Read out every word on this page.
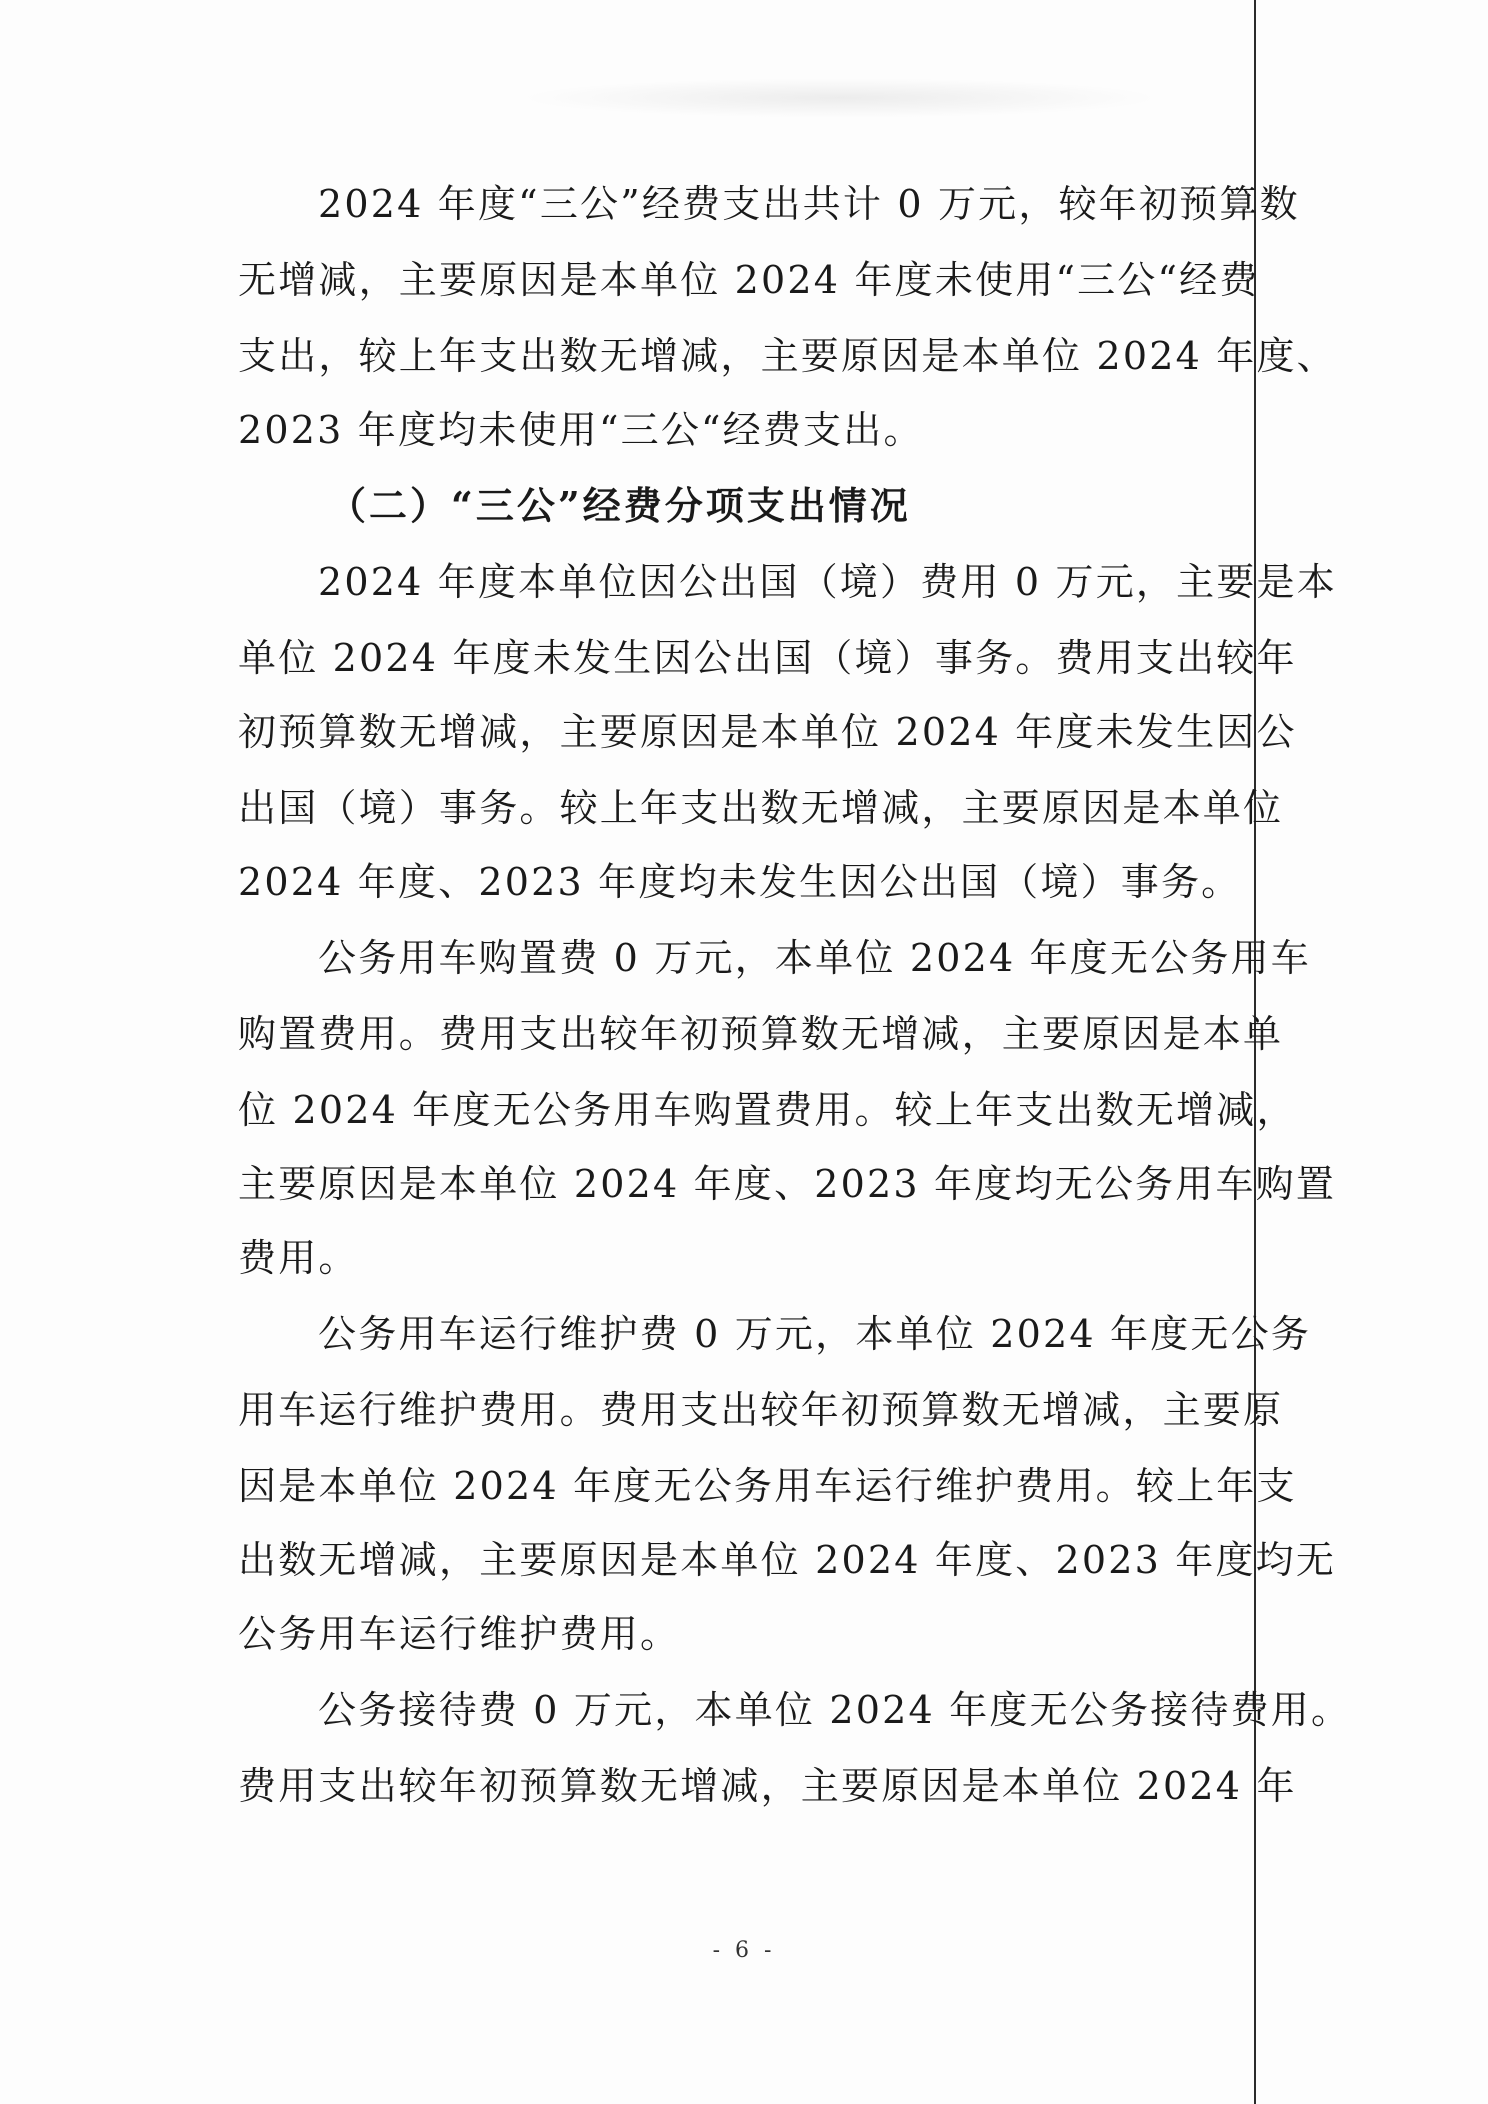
2024 年度“三公”经费支出共计 0 万元，较年初预算数
无增减，主要原因是本单位 2024 年度未使用“三公“经费
支出，较上年支出数无增减，主要原因是本单位 2024 年度、
2023 年度均未使用“三公“经费支出。
（二）“三公”经费分项支出情况
2024 年度本单位因公出国（境）费用 0 万元，主要是本
单位 2024 年度未发生因公出国（境）事务。费用支出较年
初预算数无增减，主要原因是本单位 2024 年度未发生因公
出国（境）事务。较上年支出数无增减，主要原因是本单位
2024 年度、2023 年度均未发生因公出国（境）事务。
公务用车购置费 0 万元，本单位 2024 年度无公务用车
购置费用。费用支出较年初预算数无增减，主要原因是本单
位 2024 年度无公务用车购置费用。较上年支出数无增减，
主要原因是本单位 2024 年度、2023 年度均无公务用车购置
费用。
公务用车运行维护费 0 万元，本单位 2024 年度无公务
用车运行维护费用。费用支出较年初预算数无增减，主要原
因是本单位 2024 年度无公务用车运行维护费用。较上年支
出数无增减，主要原因是本单位 2024 年度、2023 年度均无
公务用车运行维护费用。
公务接待费 0 万元，本单位 2024 年度无公务接待费用。
费用支出较年初预算数无增减，主要原因是本单位 2024 年
- 6 -
